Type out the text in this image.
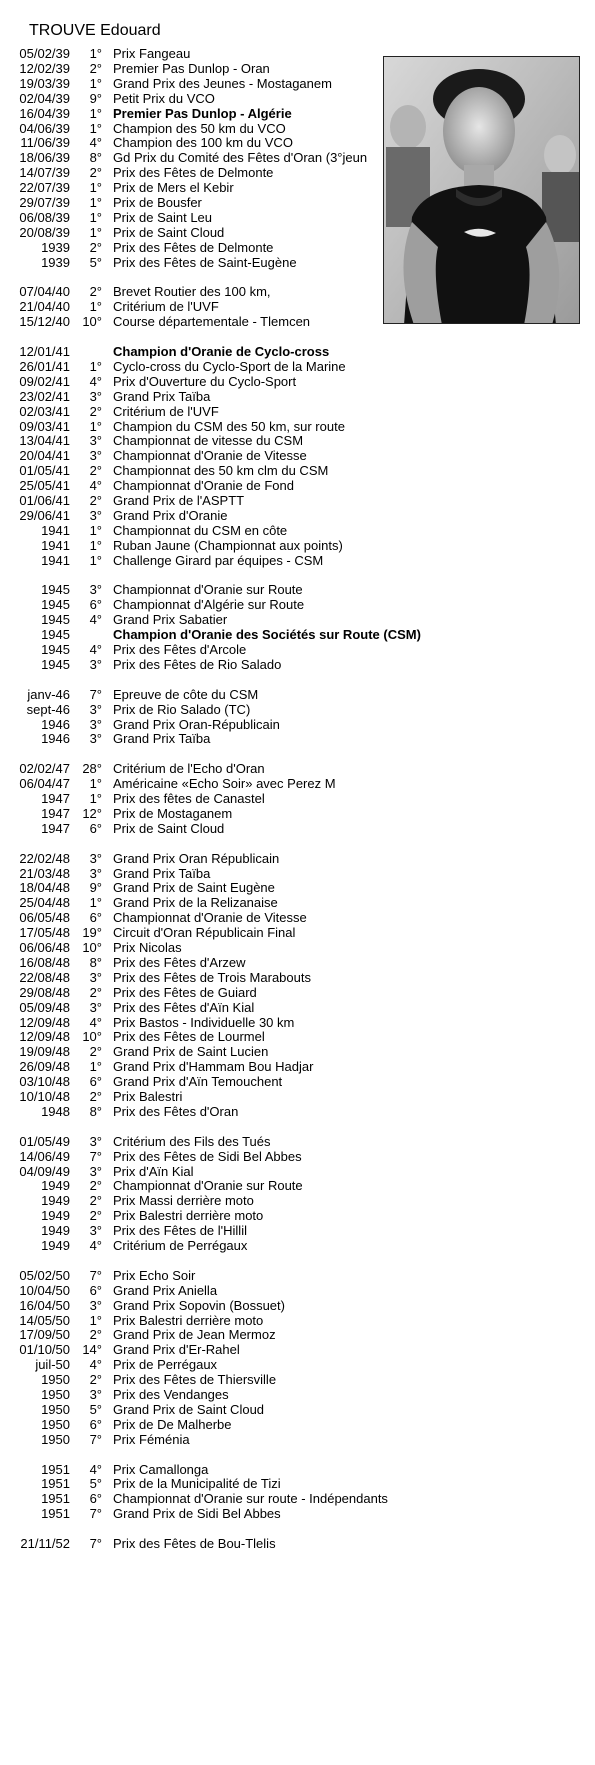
TROUVE Edouard
05/02/39	1° Prix Fangeau
12/02/39	2° Premier Pas Dunlop - Oran
19/03/39	1° Grand Prix des Jeunes - Mostaganem
02/04/39	9° Petit Prix du VCO
16/04/39	1° Premier Pas Dunlop - Algérie
04/06/39	1° Champion des 50 km du VCO
11/06/39	4° Champion des 100 km du VCO
18/06/39	8° Gd Prix du Comité des Fêtes d'Oran (3°jeun
14/07/39	2° Prix des Fêtes de Delmonte
22/07/39	1° Prix de Mers el Kebir
29/07/39	1° Prix de Bousfer
06/08/39	1° Prix de Saint Leu
20/08/39	1° Prix de Saint Cloud
1939	2° Prix des Fêtes de Delmonte
1939	5° Prix des Fêtes de Saint-Eugène
07/04/40	2° Brevet Routier des 100 km,
21/04/40	1° Critérium de l'UVF
15/12/40 10° Course départementale - Tlemcen
12/01/41	Champion d'Oranie de Cyclo-cross
26/01/41	1° Cyclo-cross du Cyclo-Sport de la Marine
09/02/41	4° Prix d'Ouverture du Cyclo-Sport
23/02/41	3° Grand Prix Taïba
02/03/41	2° Critérium de l'UVF
09/03/41	1° Champion du CSM des 50 km, sur route
13/04/41	3° Championnat de vitesse du CSM
20/04/41	3° Championnat d'Oranie de Vitesse
01/05/41	2° Championnat des 50 km clm du CSM
25/05/41	4° Championnat d'Oranie de Fond
01/06/41	2° Grand Prix de l'ASPTT
29/06/41	3° Grand Prix d'Oranie
1941	1° Championnat du CSM en côte
1941	1° Ruban Jaune (Championnat aux points)
1941	1° Challenge Girard par équipes - CSM
1945	3° Championnat d'Oranie sur Route
1945	6° Championnat d'Algérie sur Route
1945	4° Grand Prix Sabatier
1945	Champion d'Oranie des Sociétés sur Route (CSM)
1945	4° Prix des Fêtes d'Arcole
1945	3° Prix des Fêtes de Rio Salado
janv-46	7° Epreuve de côte du CSM
sept-46	3° Prix de Rio Salado (TC)
1946	3° Grand Prix Oran-Républicain
1946	3° Grand Prix Taïba
02/02/47 28° Critérium de l'Echo d'Oran
06/04/47	1° Américaine «Echo Soir» avec Perez M
1947	1° Prix des fêtes de Canastel
1947 12° Prix de Mostaganem
1947	6° Prix de Saint Cloud
22/02/48	3° Grand Prix Oran Républicain
21/03/48	3° Grand Prix Taïba
18/04/48	9° Grand Prix de Saint Eugène
25/04/48	1° Grand Prix de la Relizanaise
06/05/48	6° Championnat d'Oranie de Vitesse
17/05/48 19° Circuit d'Oran Républicain Final
06/06/48 10° Prix Nicolas
16/08/48	8° Prix des Fêtes d'Arzew
22/08/48	3° Prix des Fêtes de Trois Marabouts
29/08/48	2° Prix des Fêtes de Guiard
05/09/48	3° Prix des Fêtes d'Aïn Kial
12/09/48	4° Prix Bastos - Individuelle 30 km
12/09/48 10° Prix des Fêtes de Lourmel
19/09/48	2° Grand Prix de Saint Lucien
26/09/48	1° Grand Prix d'Hammam Bou Hadjar
03/10/48	6° Grand Prix d'Aïn Temouchent
10/10/48	2° Prix Balestri
1948	8° Prix des Fêtes d'Oran
01/05/49	3° Critérium des Fils des Tués
14/06/49	7° Prix des Fêtes de Sidi Bel Abbes
04/09/49	3° Prix d'Aïn Kial
1949	2° Championnat d'Oranie sur Route
1949	2° Prix Massi derrière moto
1949	2° Prix Balestri derrière moto
1949	3° Prix des Fêtes de l'Hillil
1949	4° Critérium de Perrégaux
05/02/50	7° Prix Echo Soir
10/04/50	6° Grand Prix Aniella
16/04/50	3° Grand Prix Sopovin (Bossuet)
14/05/50	1° Prix Balestri derrière moto
17/09/50	2° Grand Prix de Jean Mermoz
01/10/50 14° Grand Prix d'Er-Rahel
juil-50	4° Prix de Perrégaux
1950	2° Prix des Fêtes de Thiersville
1950	3° Prix des Vendanges
1950	5° Grand Prix de Saint Cloud
1950	6° Prix de De Malherbe
1950	7° Prix Féménia
1951	4° Prix Camallonga
1951	5° Prix de la Municipalité de Tizi
1951	6° Championnat d'Oranie sur route - Indépendants
1951	7° Grand Prix de Sidi Bel Abbes
21/11/52	7° Prix des Fêtes de Bou-Tlelis
